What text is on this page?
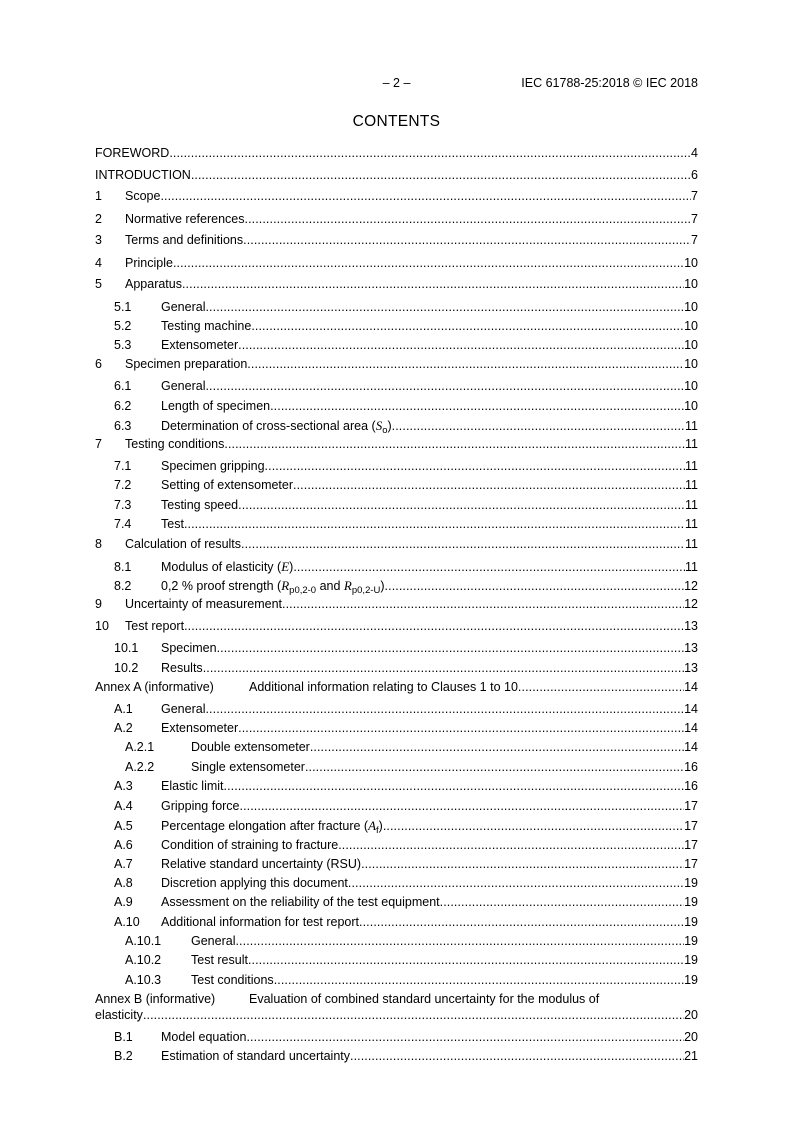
– 2 –	IEC 61788-25:2018 © IEC 2018
CONTENTS
FOREWORD .....	4
INTRODUCTION .....	6
1	Scope .....	7
2	Normative references .....	7
3	Terms and definitions .....	7
4	Principle .....	10
5	Apparatus .....	10
5.1	General .....	10
5.2	Testing machine .....	10
5.3	Extensometer .....	10
6	Specimen preparation .....	10
6.1	General .....	10
6.2	Length of specimen .....	10
6.3	Determination of cross-sectional area $(S_o)$ .....	11
7	Testing conditions .....	11
7.1	Specimen gripping .....	11
7.2	Setting of extensometer .....	11
7.3	Testing speed .....	11
7.4	Test .....	11
8	Calculation of results .....	11
8.1	Modulus of elasticity (E) .....	11
8.2	0,2 % proof strength ($R_{p0,2-0}$ and $R_{p0,2-U}$) .....	12
9	Uncertainty of measurement .....	12
10	Test report .....	13
10.1	Specimen .....	13
10.2	Results .....	13
Annex A (informative)	Additional information relating to Clauses 1 to 10 .....	14
A.1	General .....	14
A.2	Extensometer .....	14
A.2.1	Double extensometer .....	14
A.2.2	Single extensometer .....	16
A.3	Elastic limit .....	16
A.4	Gripping force .....	17
A.5	Percentage elongation after fracture $(A_f)$ .....	17
A.6	Condition of straining to fracture .....	17
A.7	Relative standard uncertainty (RSU) .....	17
A.8	Discretion applying this document .....	19
A.9	Assessment on the reliability of the test equipment .....	19
A.10	Additional information for test report .....	19
A.10.1	General .....	19
A.10.2	Test result .....	19
A.10.3	Test conditions .....	19
Annex B (informative)	Evaluation of combined standard uncertainty for the modulus of
elasticity .....	20
B.1	Model equation .....	20
B.2	Estimation of standard uncertainty .....	21
